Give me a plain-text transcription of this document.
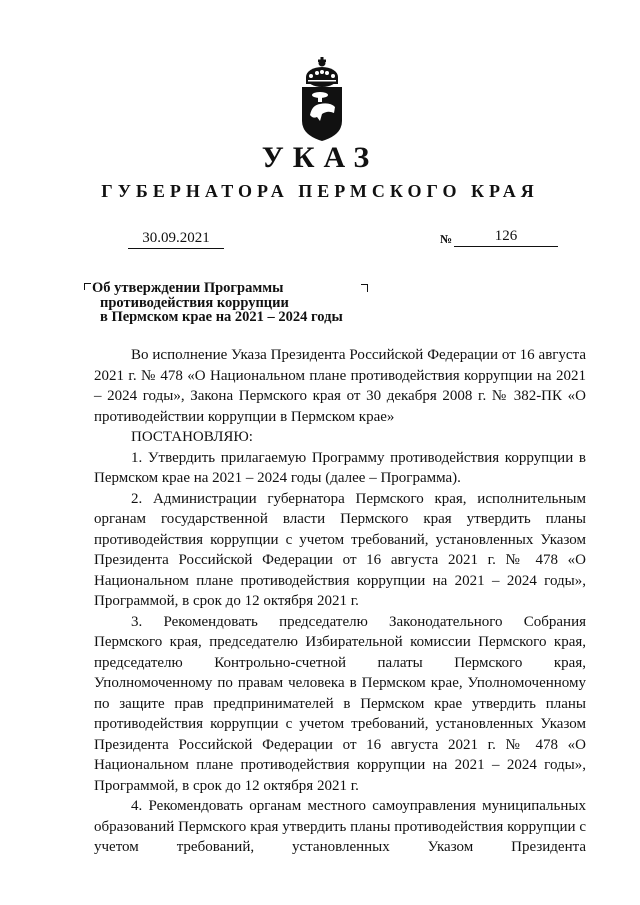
УКАЗ
ГУБЕРНАТОРА ПЕРМСКОГО КРАЯ
30.09.2021	№	126
Об утверждении Программы
противодействия коррупции
в Пермском крае на 2021 – 2024 годы

Во исполнение Указа Президента Российской Федерации от 16 августа 2021 г. № 478 «О Национальном плане противодействия коррупции на 2021 – 2024 годы», Закона Пермского края от 30 декабря 2008 г. № 382-ПК «О противодействии коррупции в Пермском крае»

ПОСТАНОВЛЯЮ:

1. Утвердить прилагаемую Программу противодействия коррупции в Пермском крае на 2021 – 2024 годы (далее – Программа).

2. Администрации губернатора Пермского края, исполнительным органам государственной власти Пермского края утвердить планы противодействия коррупции с учетом требований, установленных Указом Президента Российской Федерации от 16 августа 2021 г. № 478 «О Национальном плане противодействия коррупции на 2021 – 2024 годы», Программой, в срок до 12 октября 2021 г.

3. Рекомендовать председателю Законодательного Собрания Пермского края, председателю Избирательной комиссии Пермского края, председателю Контрольно-счетной палаты Пермского края, Уполномоченному по правам человека в Пермском крае, Уполномоченному по защите прав предпринимателей в Пермском крае утвердить планы противодействия коррупции с учетом требований, установленных Указом Президента Российской Федерации от 16 августа 2021 г. № 478 «О Национальном плане противодействия коррупции на 2021 – 2024 годы», Программой, в срок до 12 октября 2021 г.

4. Рекомендовать органам местного самоуправления муниципальных образований Пермского края утвердить планы противодействия коррупции с учетом требований, установленных Указом Президента
